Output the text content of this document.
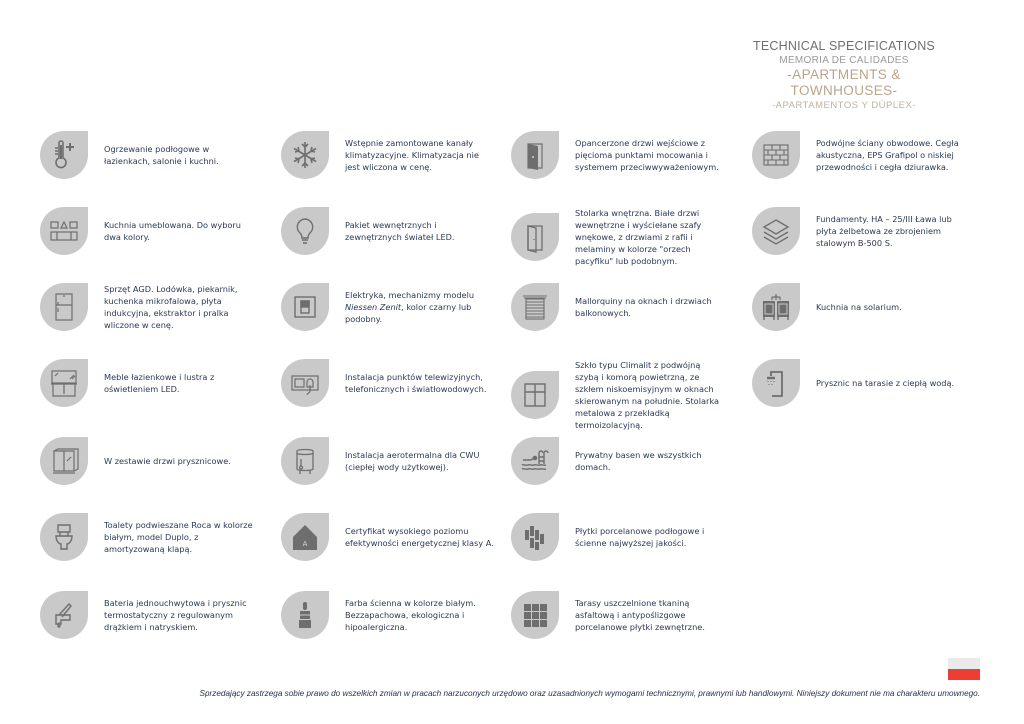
TECHNICAL SPECIFICATIONS
MEMORIA DE CALIDADES
-APARTMENTS & TOWNHOUSES-
-APARTAMENTOS Y DÚPLEX-
Ogrzewanie podłogowe w łazienkach, salonie i kuchni.
Kuchnia umeblowana. Do wyboru dwa kolory.
Sprzęt AGD. Lodówka, piekarnik, kuchenka mikrofalowa, płyta indukcyjna, ekstraktor i pralka wliczone w cenę.
Meble łazienkowe i lustra z oświetleniem LED.
W zestawie drzwi prysznicowe.
Toalety podwieszane Roca w kolorze białym, model Duplo, z amortyzowaną klapą.
Bateria jednouchwytowa i prysznic termostatyczny z regulowanym drążkiem i natryskiem.
Wstępnie zamontowane kanały klimatyzacyjne. Klimatyzacja nie jest wliczona w cenę.
Pakiet wewnętrznych i zewnętrznych świateł LED.
Elektryka, mechanizmy modelu Niessen Zenit, kolor czarny lub podobny.
Instalacja punktów telewizyjnych, telefonicznych i światłowodowych.
Instalacja aerotermalna dla CWU (ciepłej wody użytkowej).
A
Certyfikat wysokiego poziomu efektywności energetycznej klasy A.
Farba ścienna w kolorze białym. Bezzapachowa, ekologiczna i hipoalergiczna.
Opancerzone drzwi wejściowe z pięcioma punktami mocowania i systemem przeciwwyważeniowym.
Stolarka wnętrzna. Białe drzwi wewnętrzne i wyściełane szafy wnękowe, z drzwiami z rafii i melaminy w kolorze "orzech pacyfiku" lub podobnym.
Mallorquiny na oknach i drzwiach balkonowych.
Szkło typu Climalit z podwójną szybą i komorą powietrzną, ze szkłem niskoemisyjnym w oknach skierowanym na południe. Stolarka metalowa z przekładką termoizolacyjną.
Prywatny basen we wszystkich domach.
Płytki porcelanowe podłogowe i ścienne najwyższej jakości.
Tarasy uszczelnione tkaniną asfaltową i antypoślizgowe porcelanowe płytki zewnętrzne.
Podwójne ściany obwodowe. Cegła akustyczna, EPS Grafipol o niskiej przewodności i cegła dziurawka.
Fundamenty. HA – 25/III Ława lub płyta żelbetowa ze zbrojeniem stalowym B-500 S.
Kuchnia na solarium.
Prysznic na tarasie z ciepłą wodą.
Sprzedający zastrzega sobie prawo do wszelkich zmian w pracach narzuconych urzędowo oraz uzasadnionych wymogami technicznymi, prawnymi lub handlowymi. Niniejszy dokument nie ma charakteru umownego.
